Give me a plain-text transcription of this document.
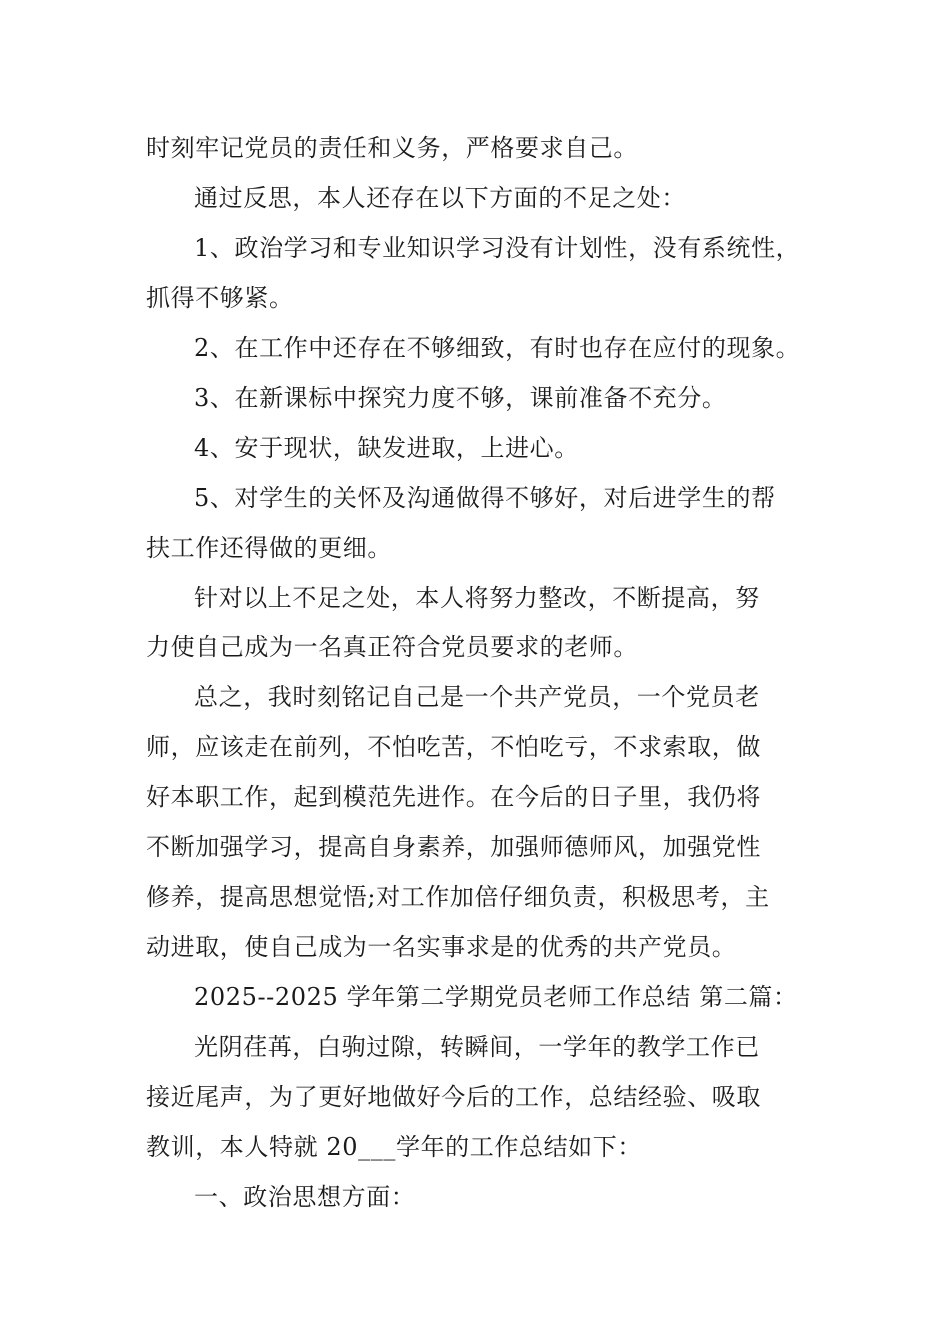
时刻牢记党员的责任和义务，严格要求自己。
通过反思，本人还存在以下方面的不足之处：
1、政治学习和专业知识学习没有计划性，没有系统性，
抓得不够紧。
2、在工作中还存在不够细致，有时也存在应付的现象。
3、在新课标中探究力度不够，课前准备不充分。
4、安于现状，缺发进取，上进心。
5、对学生的关怀及沟通做得不够好，对后进学生的帮
扶工作还得做的更细。
针对以上不足之处，本人将努力整改，不断提高，努
力使自己成为一名真正符合党员要求的老师。
总之，我时刻铭记自己是一个共产党员，一个党员老
师，应该走在前列，不怕吃苦，不怕吃亏，不求索取，做
好本职工作，起到模范先进作。在今后的日子里，我仍将
不断加强学习，提高自身素养，加强师德师风，加强党性
修养，提高思想觉悟;对工作加倍仔细负责，积极思考，主
动进取，使自己成为一名实事求是的优秀的共产党员。
2025--2025 学年第二学期党员老师工作总结 第二篇：
光阴荏苒，白驹过隙，转瞬间，一学年的教学工作已
接近尾声，为了更好地做好今后的工作，总结经验、吸取
教训，本人特就 20___学年的工作总结如下：
一、政治思想方面：
